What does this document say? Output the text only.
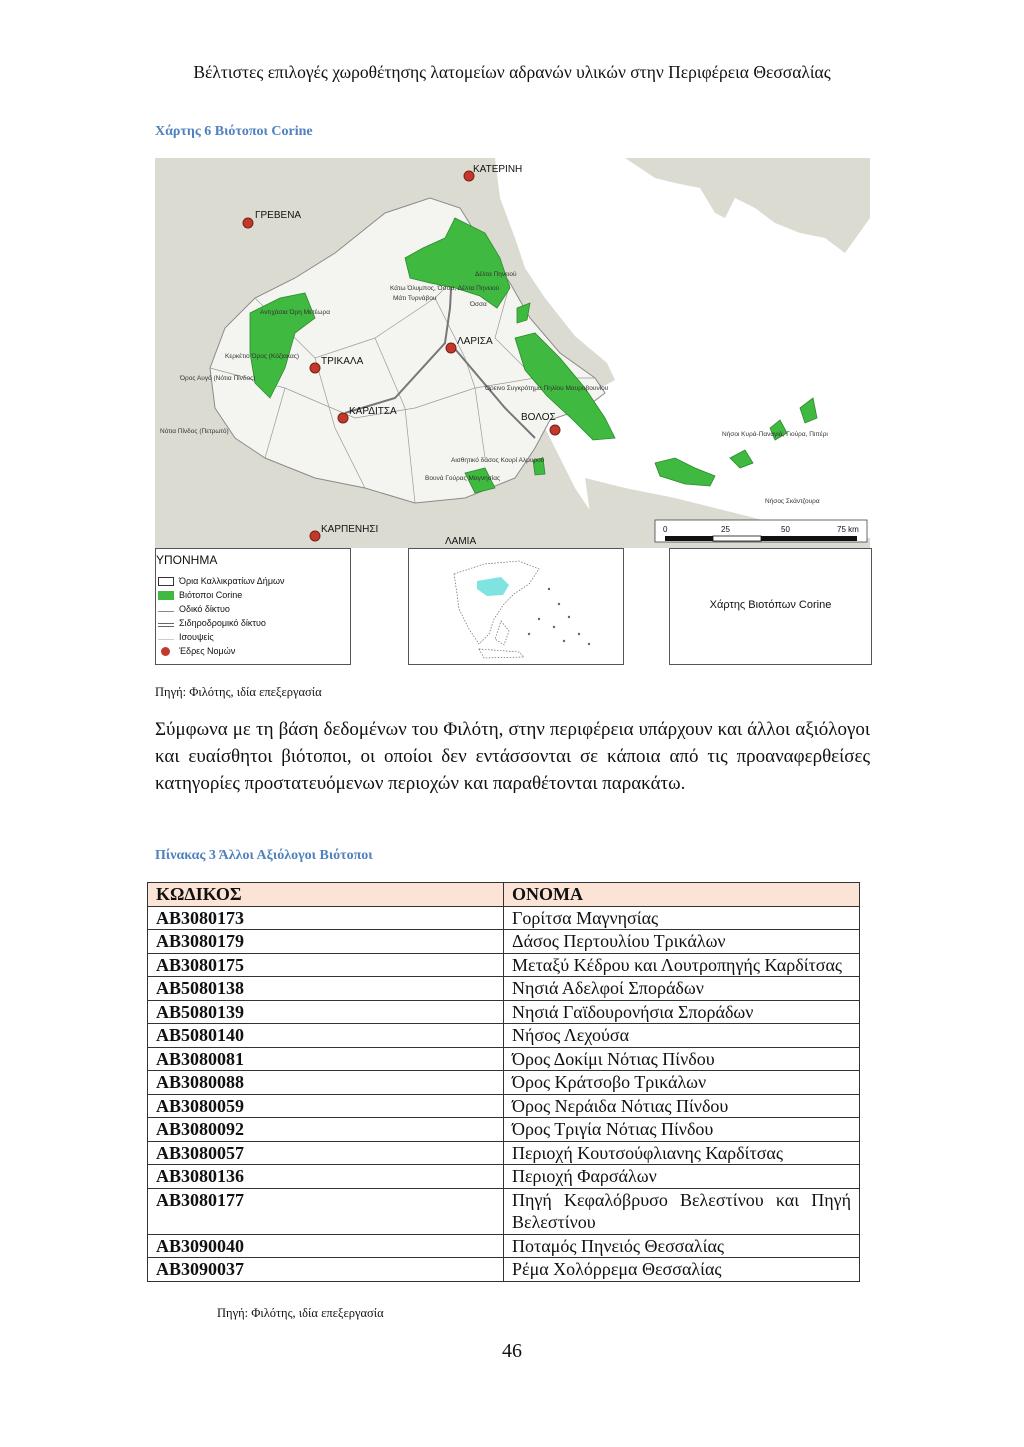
Βέλτιστες επιλογές χωροθέτησης λατομείων αδρανών υλικών στην Περιφέρεια Θεσσαλίας
Χάρτης 6 Βιότοποι Corine
ΚΑΤΕΡΙΝΗ
ΓΡΕΒΕΝΑ
ΤΡΙΚΑΛΑ
ΛΑΡΙΣΑ
ΚΑΡΔΙΤΣΑ
ΒΟΛΟΣ
ΚΑΡΠΕΝΗΣΙ
ΛΑΜΙΑ
Δέλτα Πηνειού
Κάτω Όλυμπος, Όσσα, Δέλτα Πηνειού
Μάτι Τυρνάβου
Όσσα
Αντιχάσια Όρη Μετέωρα
Κερκέτιο Όρος (Κόζιακας)
Όρος Αυγό (Νότια Πίνδος)
Όρεινο Συγκρότημα Πηλίου Μαυροβουνίου
Νότια Πίνδος (Πετρωτό)
Αισθητικό δάσος Κουρί Αλμυρού
Βουνά Γούρας Μαγνησίας
Νήσοι Κυρά-Παναγιά, Γιούρα, Πιπέρι
Νήσος Σκάντζουρα
0	25	50	75 km
ΥΠΟΝΗΜΑ
Όρια Καλλικρατίων Δήμων
Βιότοποι Corine
Οδικό δίκτυο
Σιδηροδρομικό δίκτυο
Ισουψείς
Έδρες Νομών
Χάρτης Βιοτόπων Corine
Πηγή: Φιλότης, ιδία επεξεργασία

Σύμφωνα με τη βάση δεδομένων του Φιλότη, στην περιφέρεια υπάρχουν και άλλοι αξιόλογοι και ευαίσθητοι βιότοποι, οι οποίοι δεν εντάσσονται σε κάποια από τις προαναφερθείσες κατηγορίες προστατευόμενων περιοχών και παραθέτονται παρακάτω.

Πίνακας 3 Άλλοι Αξιόλογοι Βιότοποι
ΚΩΔΙΚΟΣ	ΟΝΟΜΑ
AB3080173	Γορίτσα Μαγνησίας
AB3080179	Δάσος Περτουλίου Τρικάλων
AB3080175	Μεταξύ Κέδρου και Λουτροπηγής Καρδίτσας
AB5080138	Νησιά Αδελφοί Σποράδων
AB5080139	Νησιά Γαϊδουρονήσια Σποράδων
AB5080140	Νήσος Λεχούσα
AB3080081	Όρος Δοκίμι Νότιας Πίνδου
AB3080088	Όρος Κράτσοβο Τρικάλων
AB3080059	Όρος Νεράιδα Νότιας Πίνδου
AB3080092	Όρος Τριγία Νότιας Πίνδου
AB3080057	Περιοχή Κουτσούφλιανης Καρδίτσας
AB3080136	Περιοχή Φαρσάλων
AB3080177	Πηγή Κεφαλόβρυσο Βελεστίνου και Πηγή Βελεστίνου
AB3090040	Ποταμός Πηνειός Θεσσαλίας
AB3090037	Ρέμα Χολόρρεμα Θεσσαλίας
Πηγή: Φιλότης, ιδία επεξεργασία
46
